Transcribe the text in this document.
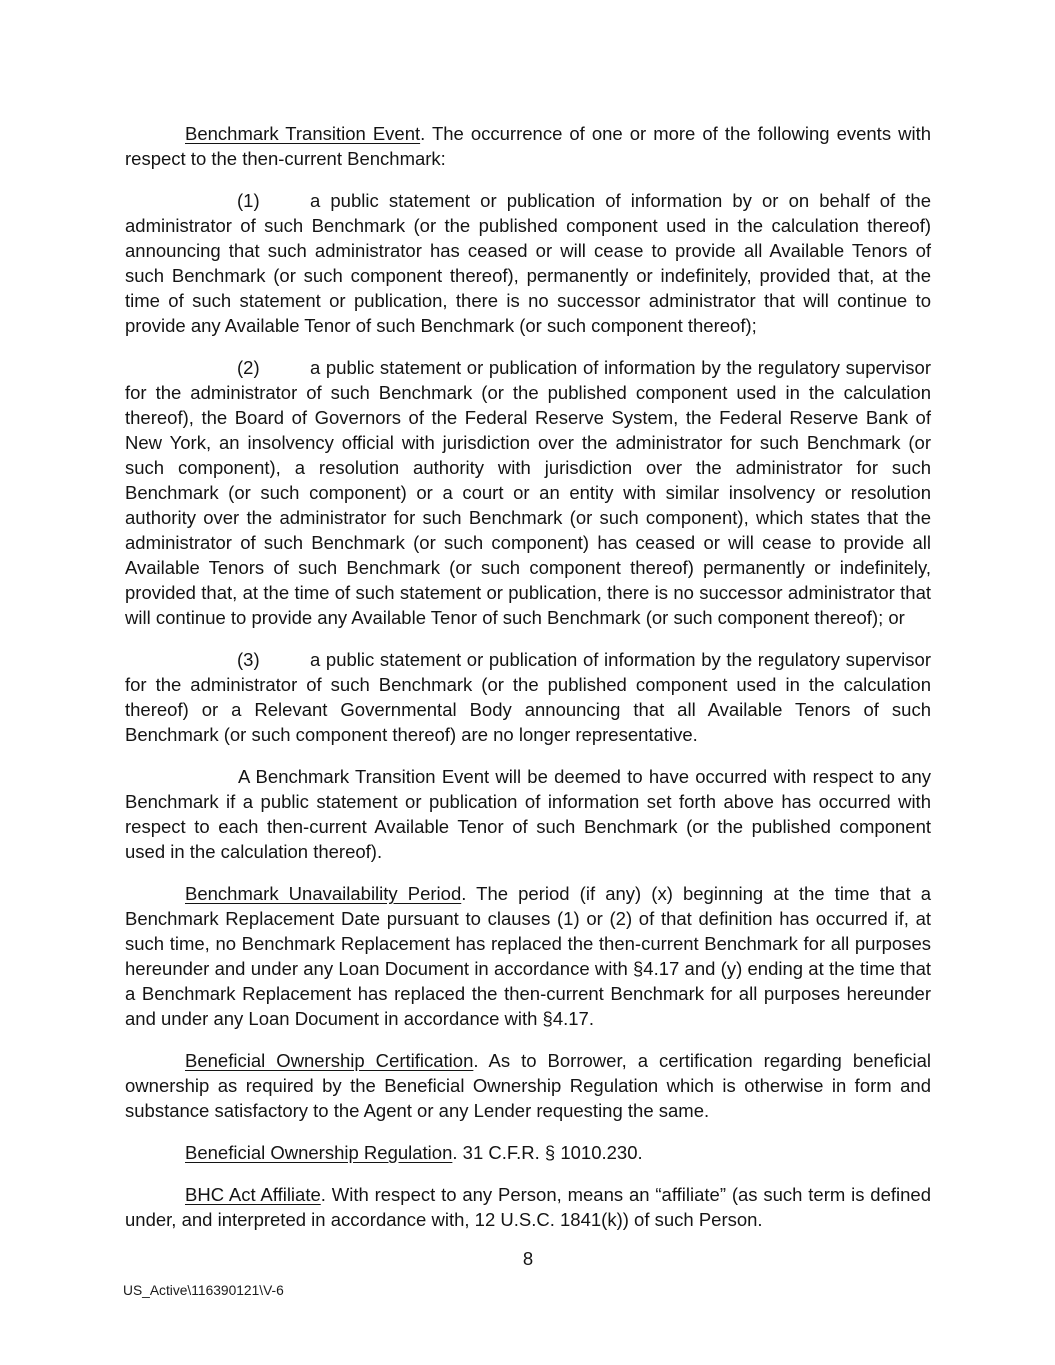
Benchmark Transition Event. The occurrence of one or more of the following events with respect to the then-current Benchmark:

(1)	a public statement or publication of information by or on behalf of the administrator of such Benchmark (or the published component used in the calculation thereof) announcing that such administrator has ceased or will cease to provide all Available Tenors of such Benchmark (or such component thereof), permanently or indefinitely, provided that, at the time of such statement or publication, there is no successor administrator that will continue to provide any Available Tenor of such Benchmark (or such component thereof);

(2)	a public statement or publication of information by the regulatory supervisor for the administrator of such Benchmark (or the published component used in the calculation thereof), the Board of Governors of the Federal Reserve System, the Federal Reserve Bank of New York, an insolvency official with jurisdiction over the administrator for such Benchmark (or such component), a resolution authority with jurisdiction over the administrator for such Benchmark (or such component) or a court or an entity with similar insolvency or resolution authority over the administrator for such Benchmark (or such component), which states that the administrator of such Benchmark (or such component) has ceased or will cease to provide all Available Tenors of such Benchmark (or such component thereof) permanently or indefinitely, provided that, at the time of such statement or publication, there is no successor administrator that will continue to provide any Available Tenor of such Benchmark (or such component thereof); or

(3)	a public statement or publication of information by the regulatory supervisor for the administrator of such Benchmark (or the published component used in the calculation thereof) or a Relevant Governmental Body announcing that all Available Tenors of such Benchmark (or such component thereof) are no longer representative.

A Benchmark Transition Event will be deemed to have occurred with respect to any Benchmark if a public statement or publication of information set forth above has occurred with respect to each then-current Available Tenor of such Benchmark (or the published component used in the calculation thereof).

Benchmark Unavailability Period. The period (if any) (x) beginning at the time that a Benchmark Replacement Date pursuant to clauses (1) or (2) of that definition has occurred if, at such time, no Benchmark Replacement has replaced the then-current Benchmark for all purposes hereunder and under any Loan Document in accordance with §4.17 and (y) ending at the time that a Benchmark Replacement has replaced the then-current Benchmark for all purposes hereunder and under any Loan Document in accordance with §4.17.

Beneficial Ownership Certification. As to Borrower, a certification regarding beneficial ownership as required by the Beneficial Ownership Regulation which is otherwise in form and substance satisfactory to the Agent or any Lender requesting the same.

Beneficial Ownership Regulation. 31 C.F.R. § 1010.230.

BHC Act Affiliate. With respect to any Person, means an “affiliate” (as such term is defined under, and interpreted in accordance with, 12 U.S.C. 1841(k)) of such Person.

8
US_Active\116390121\V-6
